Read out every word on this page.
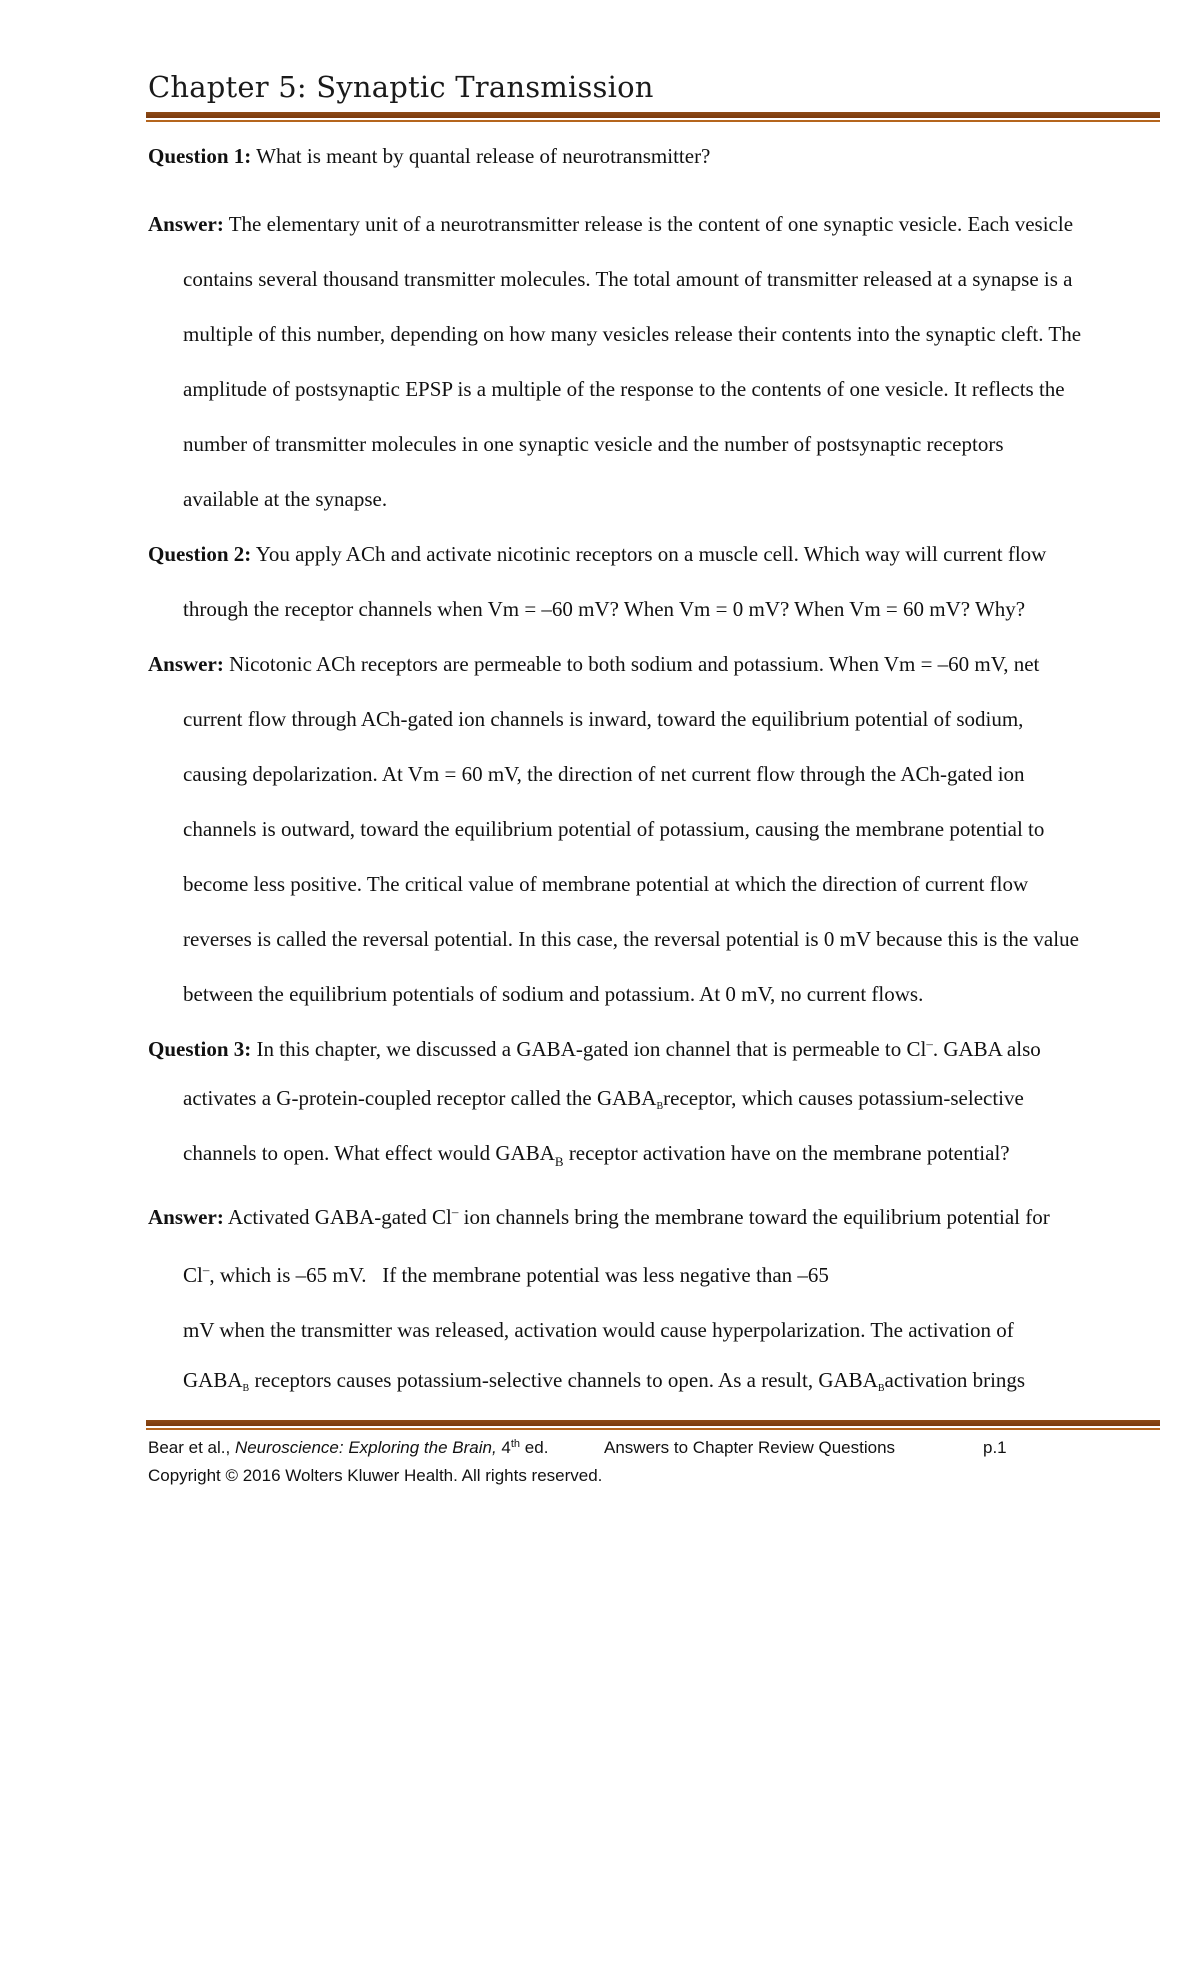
Chapter 5: Synaptic Transmission
Question 1: What is meant by quantal release of neurotransmitter?
Answer: The elementary unit of a neurotransmitter release is the content of one synaptic vesicle. Each vesicle
contains several thousand transmitter molecules. The total amount of transmitter released at a synapse is a
multiple of this number, depending on how many vesicles release their contents into the synaptic cleft. The
amplitude of postsynaptic EPSP is a multiple of the response to the contents of one vesicle. It reflects the
number of transmitter molecules in one synaptic vesicle and the number of postsynaptic receptors
available at the synapse.
Question 2: You apply ACh and activate nicotinic receptors on a muscle cell. Which way will current flow
through the receptor channels when Vm = –60 mV? When Vm = 0 mV? When Vm = 60 mV? Why?
Answer: Nicotonic ACh receptors are permeable to both sodium and potassium. When Vm = –60 mV, net
current flow through ACh-gated ion channels is inward, toward the equilibrium potential of sodium,
causing depolarization. At Vm = 60 mV, the direction of net current flow through the ACh-gated ion
channels is outward, toward the equilibrium potential of potassium, causing the membrane potential to
become less positive. The critical value of membrane potential at which the direction of current flow
reverses is called the reversal potential. In this case, the reversal potential is 0 mV because this is the value
between the equilibrium potentials of sodium and potassium. At 0 mV, no current flows.
Question 3: In this chapter, we discussed a GABA-gated ion channel that is permeable to Cl–. GABA also
activates a G-protein-coupled receptor called the $GABA_Breceptor$, which causes potassium-selective
channels to open. What effect would $GABA_B$ receptor activation have on the membrane potential?
Answer: Activated GABA-gated Cl– ion channels bring the membrane toward the equilibrium potential for
Cl–, which is –65 mV.   If the membrane potential was less negative than –65
mV when the transmitter was released, activation would cause hyperpolarization. The activation of
$GABA_B$ receptors causes potassium-selective channels to open. As a result, $GABA_Bactivation$ brings
Bear et al., Neuroscience: Exploring the Brain, 4th ed.	Answers to Chapter Review Questions	p.1
Copyright © 2016 Wolters Kluwer Health. All rights reserved.
